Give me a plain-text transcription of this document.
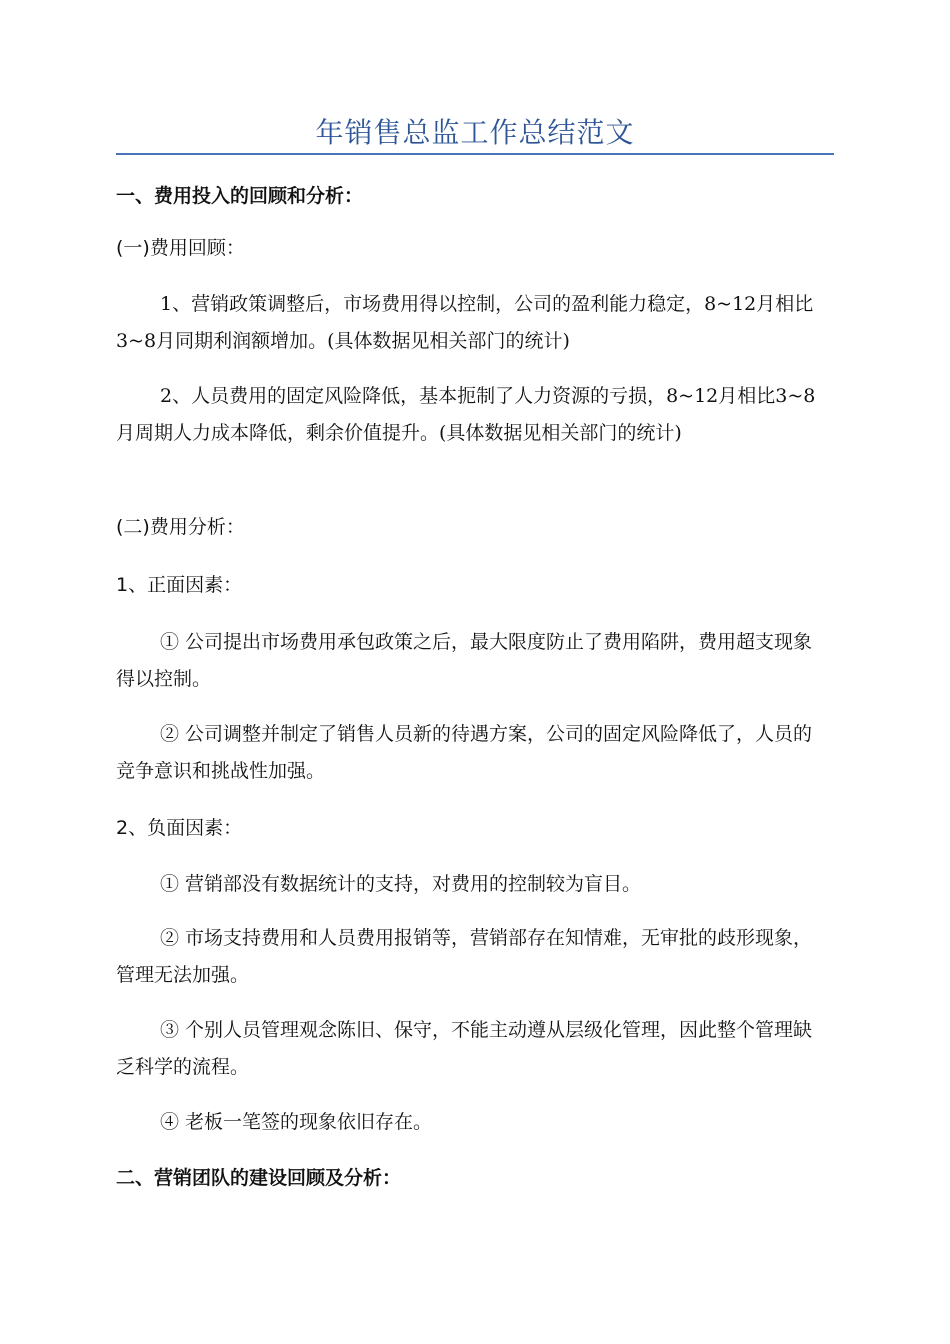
年销售总监工作总结范文

一、费用投入的回顾和分析：

(一)费用回顾：

1、营销政策调整后，市场费用得以控制，公司的盈利能力稳定，8~12月相比3~8月同期利润额增加。(具体数据见相关部门的统计)

2、人员费用的固定风险降低，基本扼制了人力资源的亏损，8~12月相比3~8月周期人力成本降低，剩余价值提升。(具体数据见相关部门的统计)

(二)费用分析：

1、正面因素：

① 公司提出市场费用承包政策之后，最大限度防止了费用陷阱，费用超支现象得以控制。

② 公司调整并制定了销售人员新的待遇方案，公司的固定风险降低了，人员的竞争意识和挑战性加强。

2、负面因素：

① 营销部没有数据统计的支持，对费用的控制较为盲目。

② 市场支持费用和人员费用报销等，营销部存在知情难，无审批的歧形现象，管理无法加强。

③ 个别人员管理观念陈旧、保守，不能主动遵从层级化管理，因此整个管理缺乏科学的流程。

④ 老板一笔签的现象依旧存在。

二、营销团队的建设回顾及分析：
